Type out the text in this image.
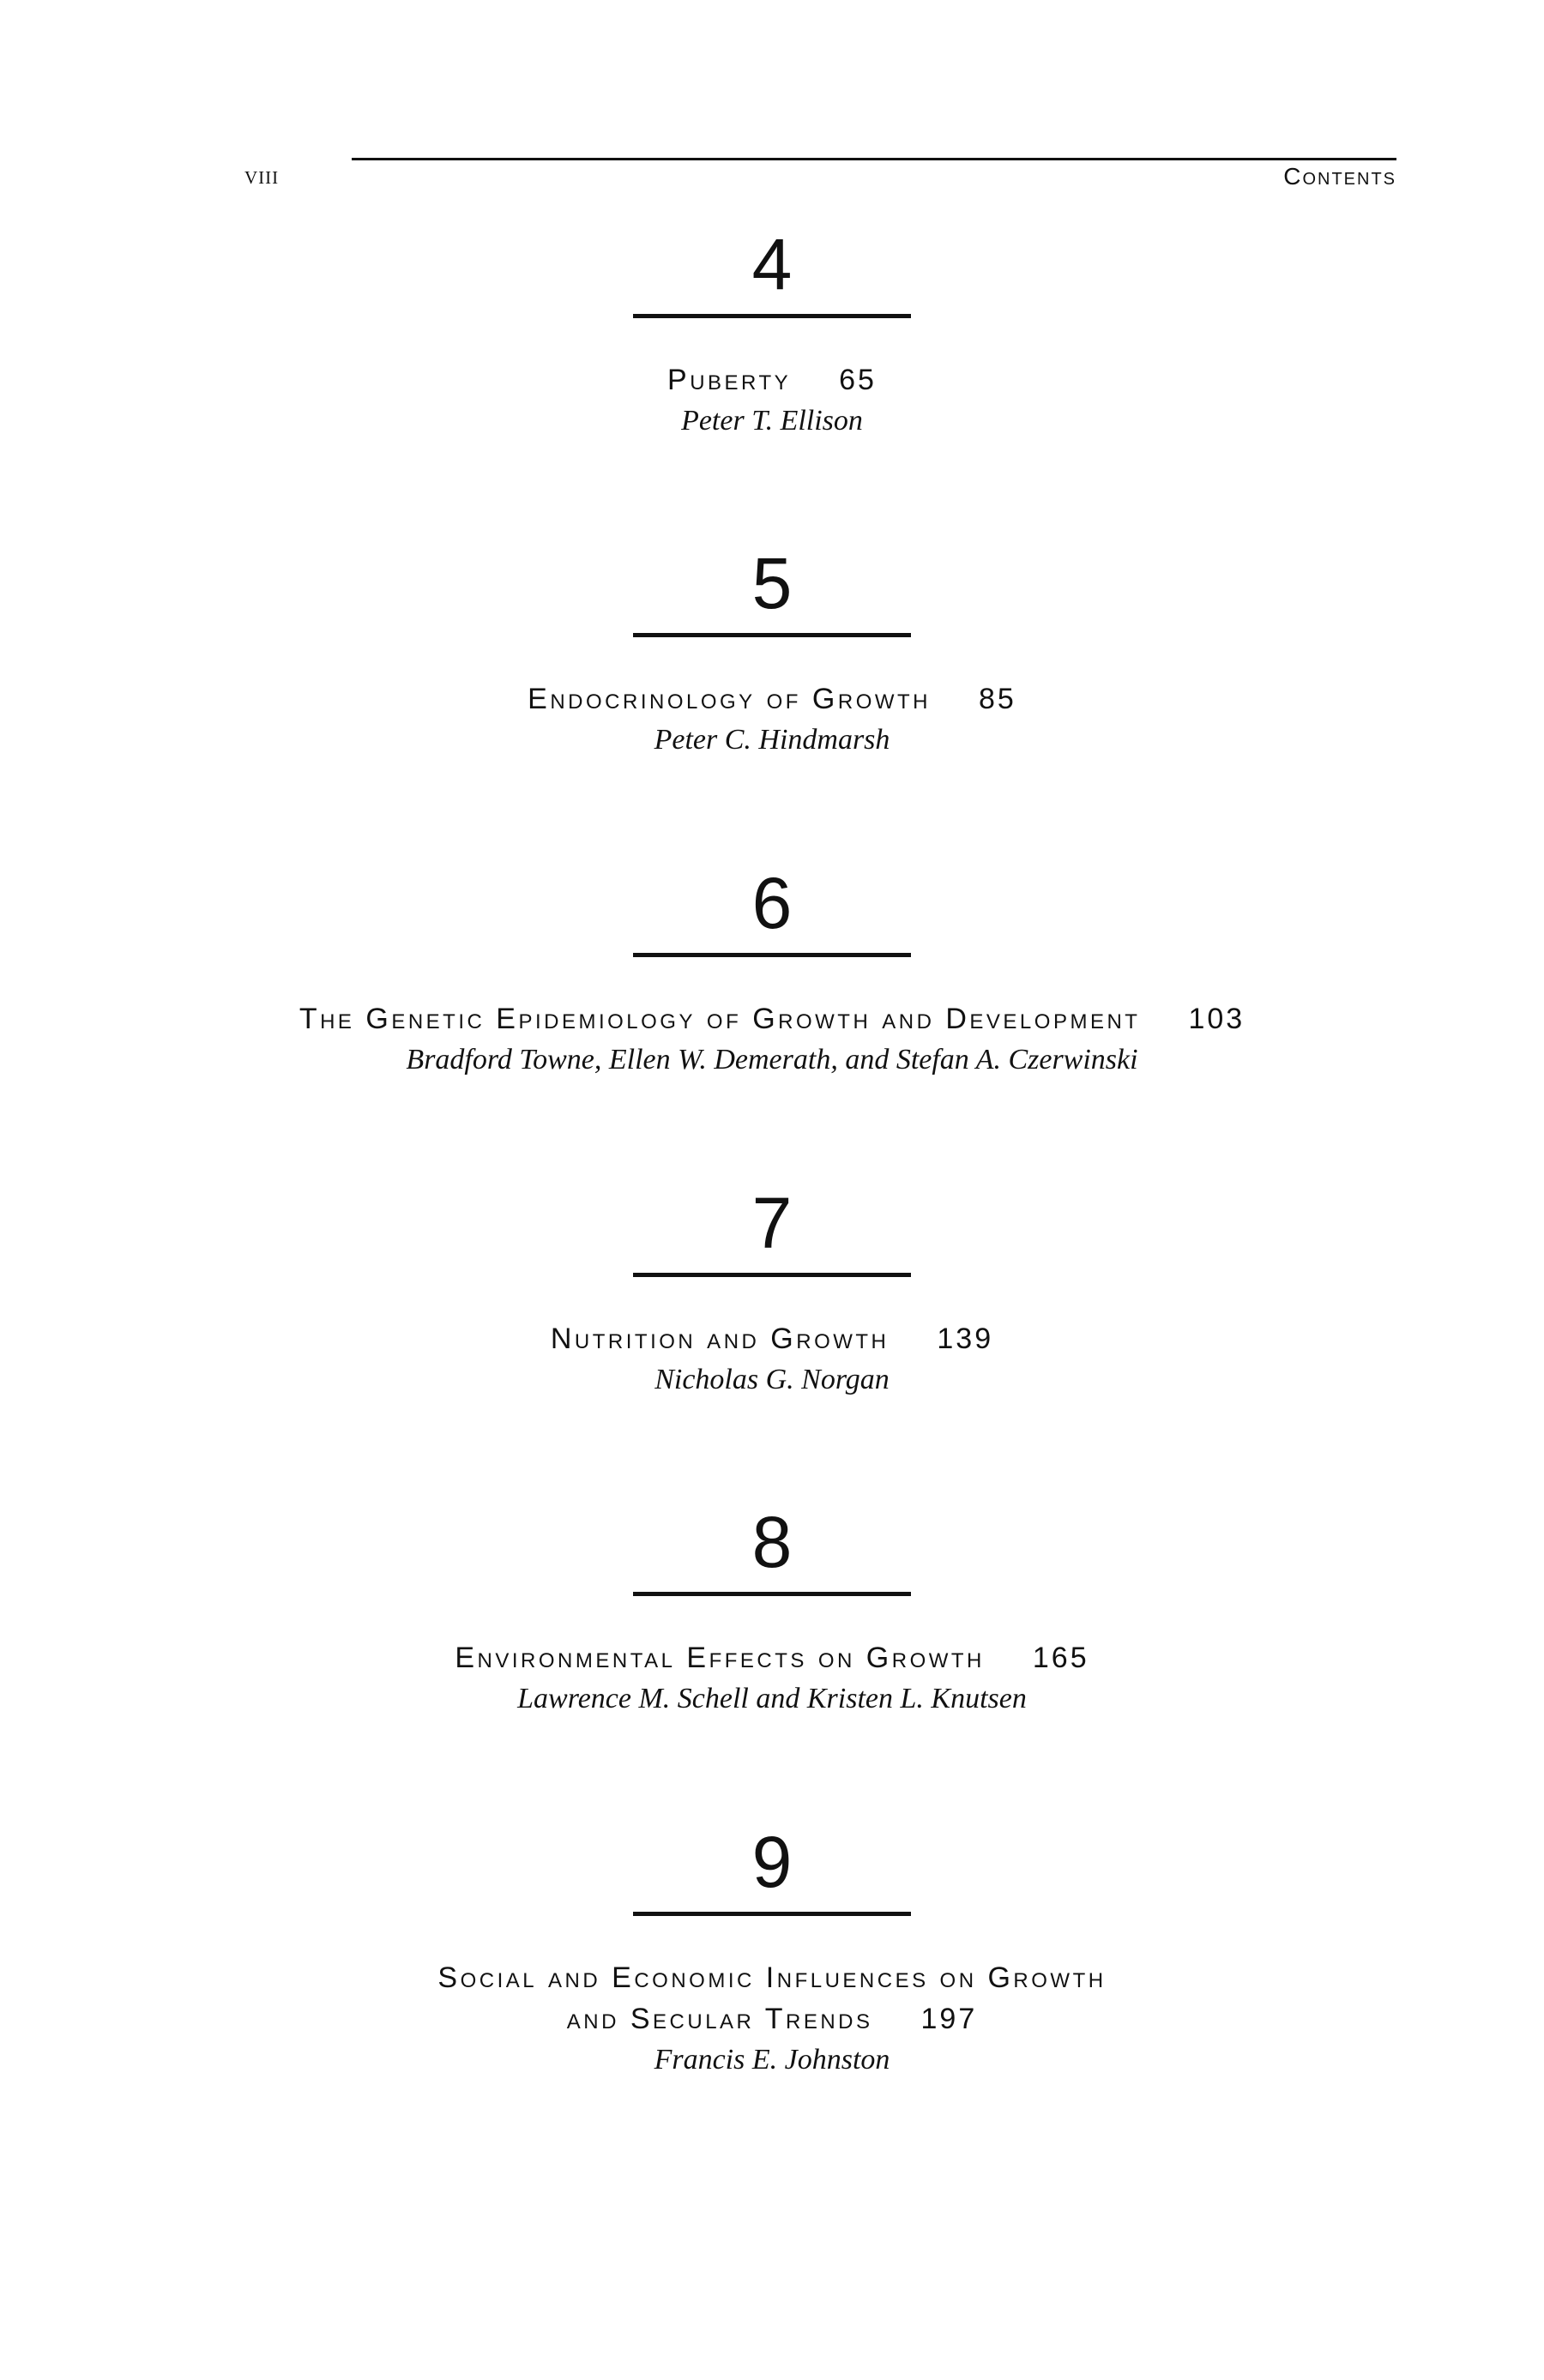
viii	Contents
4
Puberty 65
Peter T. Ellison
5
Endocrinology of Growth 85
Peter C. Hindmarsh
6
The Genetic Epidemiology of Growth and Development 103
Bradford Towne, Ellen W. Demerath, and Stefan A. Czerwinski
7
Nutrition and Growth 139
Nicholas G. Norgan
8
Environmental Effects on Growth 165
Lawrence M. Schell and Kristen L. Knutsen
9
Social and Economic Influences on Growth
and Secular Trends 197
Francis E. Johnston
